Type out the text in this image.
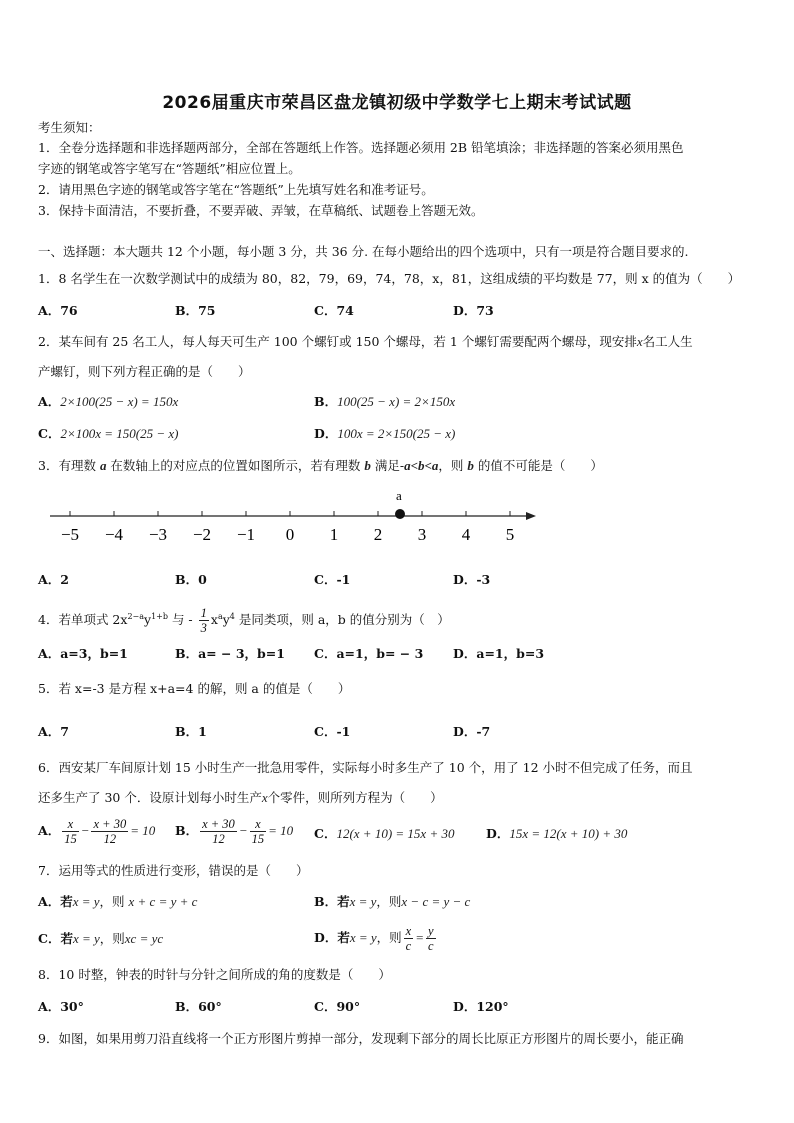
2026届重庆市荣昌区盘龙镇初级中学数学七上期末考试试题
考生须知：
1．全卷分选择题和非选择题两部分，全部在答题纸上作答。选择题必须用 2B 铅笔填涂；非选择题的答案必须用黑色
字迹的钢笔或答字笔写在“答题纸”相应位置上。
2．请用黑色字迹的钢笔或答字笔在“答题纸”上先填写姓名和准考证号。
3．保持卡面清洁，不要折叠，不要弄破、弄皱，在草稿纸、试题卷上答题无效。
一、选择题：本大题共 12 个小题，每小题 3 分，共 36 分. 在每小题给出的四个选项中，只有一项是符合题目要求的.
1．8 名学生在一次数学测试中的成绩为 80，82，79，69，74，78，x，81，这组成绩的平均数是 77，则 x 的值为（　　）
A．76	B．75	C．74	D．73
2．某车间有 25 名工人，每人每天可生产 100 个螺钉或 150 个螺母，若 1 个螺钉需要配两个螺母，现安排x名工人生
产螺钉，则下列方程正确的是（　　）
A．2×100(25 − x) = 150x	B．100(25 − x) = 2×150x
C．2×100x = 150(25 − x)	D．100x = 2×150(25 − x)
3．有理数 a 在数轴上的对应点的位置如图所示，若有理数 b 满足-a<b<a，则 b 的值不可能是（　　）
−5 −4 −3 −2 −1 0 1 2 3 4 5
a
A．2	B．0	C．-1	D．-3
4．若单项式 $2x^{2-a}y^{1+b}$ 与 - $\frac{1}{3} x^ay^4$ 是同类项，则 a，b 的值分别为（　）
A．a=3，b=1	B．a= − 3，b=1 C．a=1，b= − 3 D．a=1，b=3
5．若 x=-3 是方程 x+a=4 的解，则 a 的值是（　　）
A．7	B．1	C．-1	D．-7
6．西安某厂车间原计划 15 小时生产一批急用零件，实际每小时多生产了 10 个，用了 12 小时不但完成了任务，而且
还多生产了 30 个．设原计划每小时生产x个零件，则所列方程为（　　）
A． $\frac{x}{15} - \frac{x + 30}{12} = 10$ B． $\frac{x + 30}{12} - \frac{x}{15} = 10$ C．12(x + 10) = 15x + 30	D．15x = 12(x + 10) + 30
7．运用等式的性质进行变形，错误的是（　　）
A．若x = y，则 x + c = y + c	B．若x = y，则x − c = y − c
C．若x = y，则xc = yc	D．若x = y，则 $\frac{x}{c} = \frac{y}{c}$
8．10 时整，钟表的时针与分针之间所成的角的度数是（　　）
A．30°	B．60°	C．90°	D．120°
9．如图，如果用剪刀沿直线将一个正方形图片剪掉一部分，发现剩下部分的周长比原正方形图片的周长要小，能正确
